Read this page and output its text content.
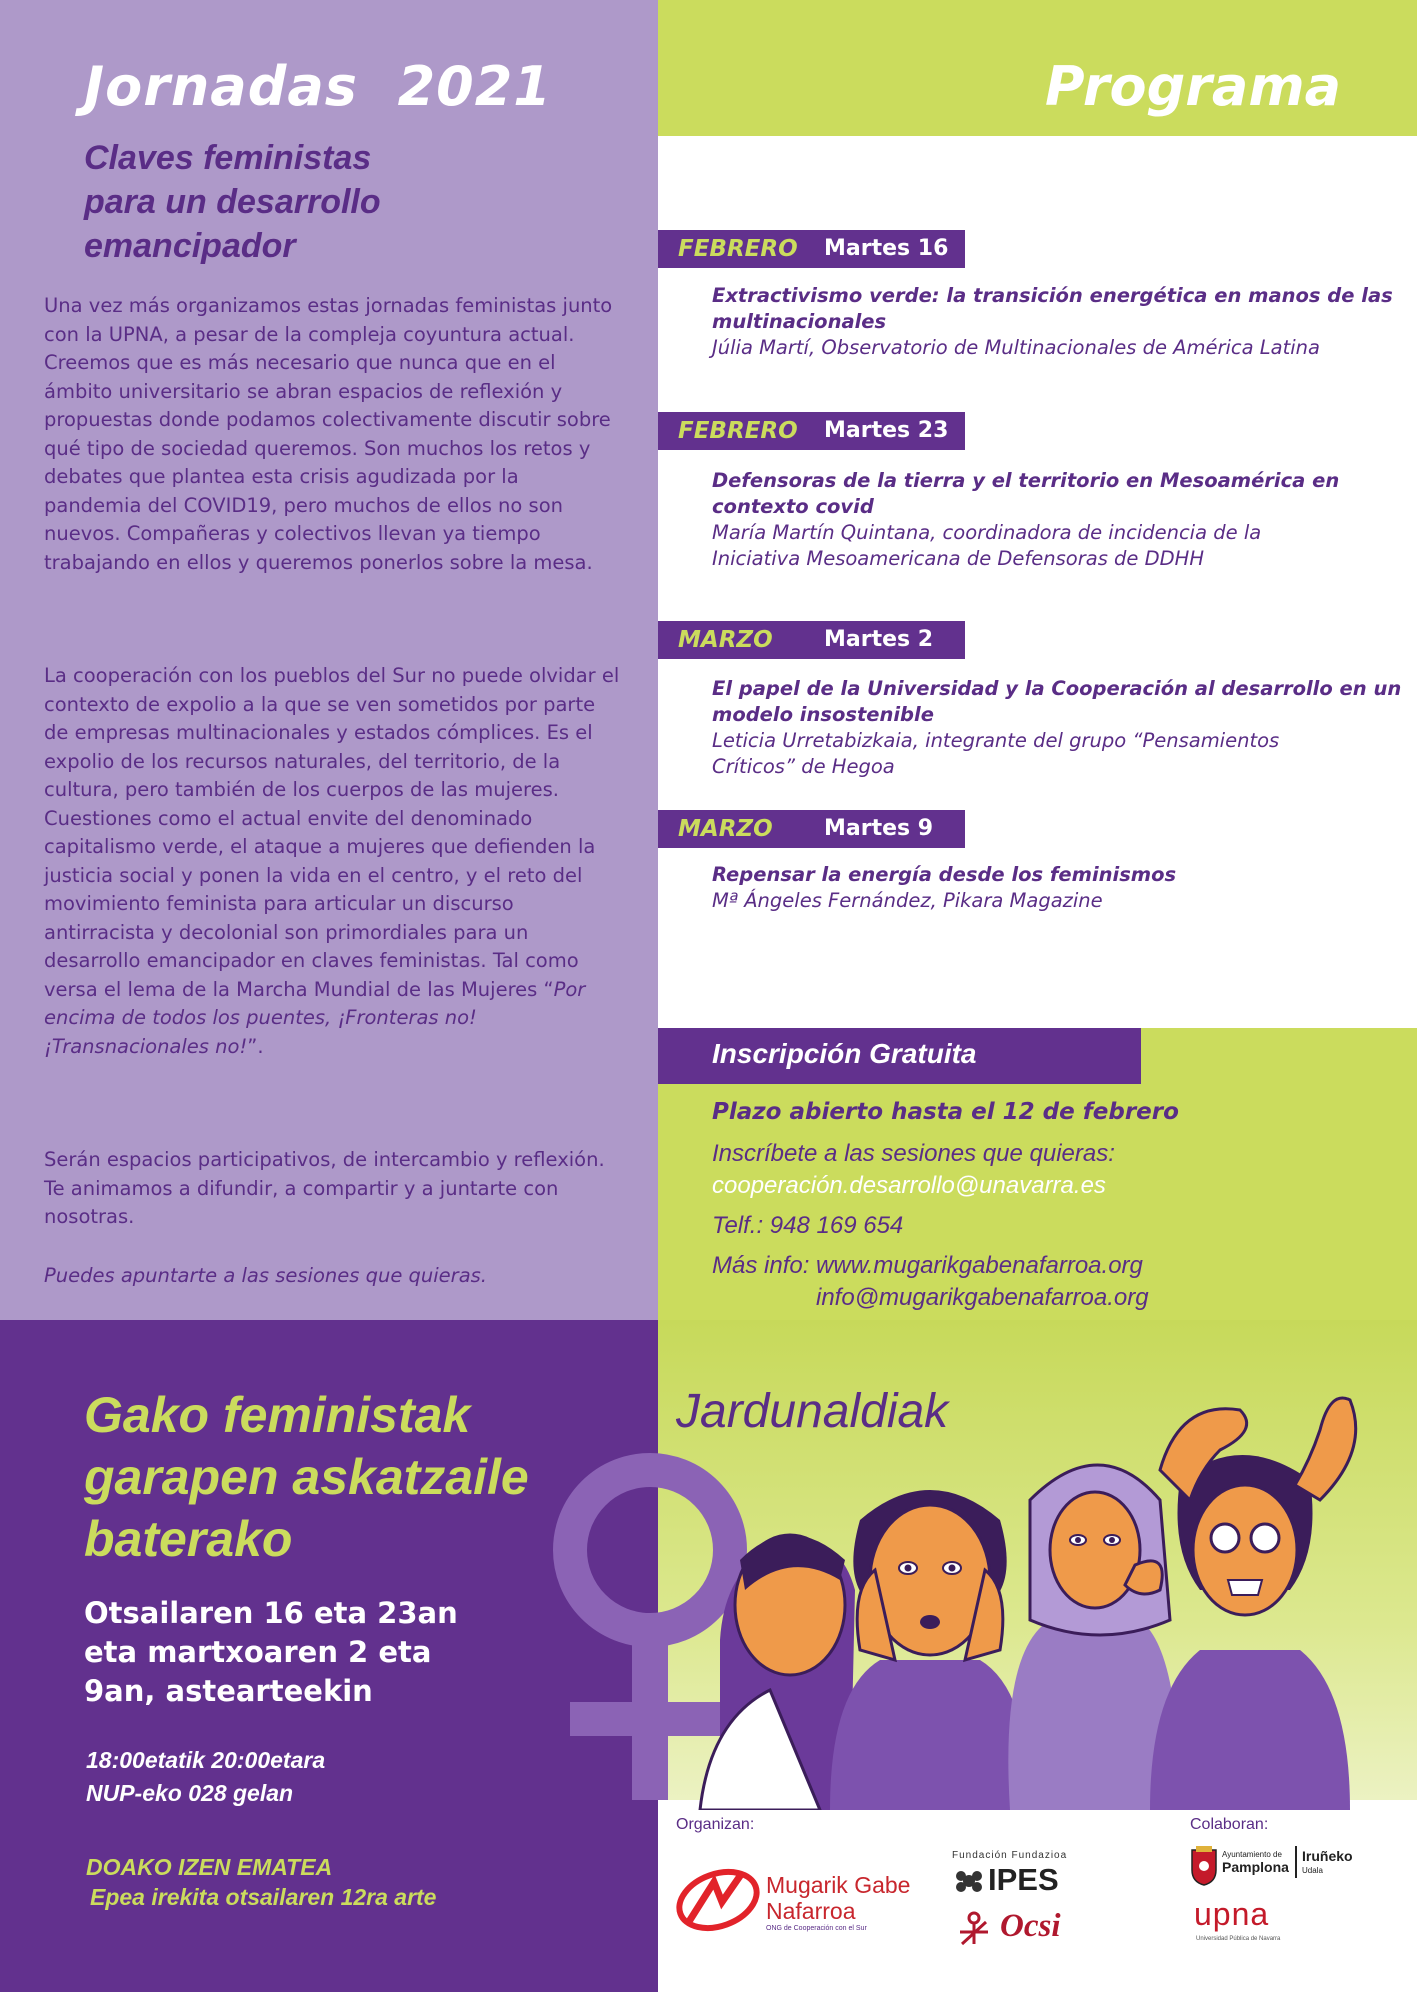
Jornadas 2021
Claves feministas
para un desarrollo
emancipador
Programa

Una vez más organizamos estas jornadas feministas junto con la UPNA, a pesar de la compleja coyuntura actual. Creemos que es más necesario que nunca que en el ámbito universitario se abran espacios de reflexión y propuestas donde podamos colectivamente discutir sobre qué tipo de sociedad queremos. Son muchos los retos y debates que plantea esta crisis agudizada por la pandemia del COVID19, pero muchos de ellos no son nuevos. Compañeras y colectivos llevan ya tiempo trabajando en ellos y queremos ponerlos sobre la mesa.

La cooperación con los pueblos del Sur no puede olvidar el contexto de expolio a la que se ven sometidos por parte de empresas multinacionales y estados cómplices. Es el expolio de los recursos naturales, del territorio, de la cultura, pero también de los cuerpos de las mujeres. Cuestiones como el actual envite del denominado capitalismo verde, el ataque a mujeres que defienden la justicia social y ponen la vida en el centro, y el reto del movimiento feminista para articular un discurso antirracista y decolonial son primordiales para un desarrollo emancipador en claves feministas. Tal como versa el lema de la Marcha Mundial de las Mujeres “Por encima de todos los puentes, ¡Fronteras no! ¡Transnacionales no!”.

Serán espacios participativos, de intercambio y reflexión. Te animamos a difundir, a compartir y a juntarte con nosotras.

Puedes apuntarte a las sesiones que quieras.

FEBRERO Martes 16
Extractivismo verde: la transición energética en manos de las multinacionales
Júlia Martí, Observatorio de Multinacionales de América Latina
FEBRERO Martes 23
Defensoras de la tierra y el territorio en Mesoamérica en contexto covid
María Martín Quintana, coordinadora de incidencia de la Iniciativa Mesoamericana de Defensoras de DDHH
MARZO Martes 2
El papel de la Universidad y la Cooperación al desarrollo en un modelo insostenible
Leticia Urretabizkaia, integrante del grupo “Pensamientos Críticos” de Hegoa
MARZO Martes 9
Repensar la energía desde los feminismos
Mª Ángeles Fernández, Pikara Magazine
Inscripción Gratuita
Plazo abierto hasta el 12 de febrero
Inscríbete a las sesiones que quieras:
cooperación.desarrollo@unavarra.es
Telf.: 948 169 654
Más info: www.mugarikgabenafarroa.org
info@mugarikgabenafarroa.org
Gako feministak
garapen askatzaile
baterako
Otsailaren 16 eta 23an
eta martxoaren 2 eta
9an, astearteekin
18:00etatik 20:00etara
NUP-eko 028 gelan
DOAKO IZEN EMATEA
Epea irekita otsailaren 12ra arte
Jardunaldiak
Organizan:	Colaboran:
Mugarik Gabe
Nafarroa
ONG de Cooperación con el Sur
Fundación Fundazioa
IPES
Ocsi
Ayuntamiento de
Pamplona
Iruñeko
Udala
upna
Universidad Pública de Navarra
